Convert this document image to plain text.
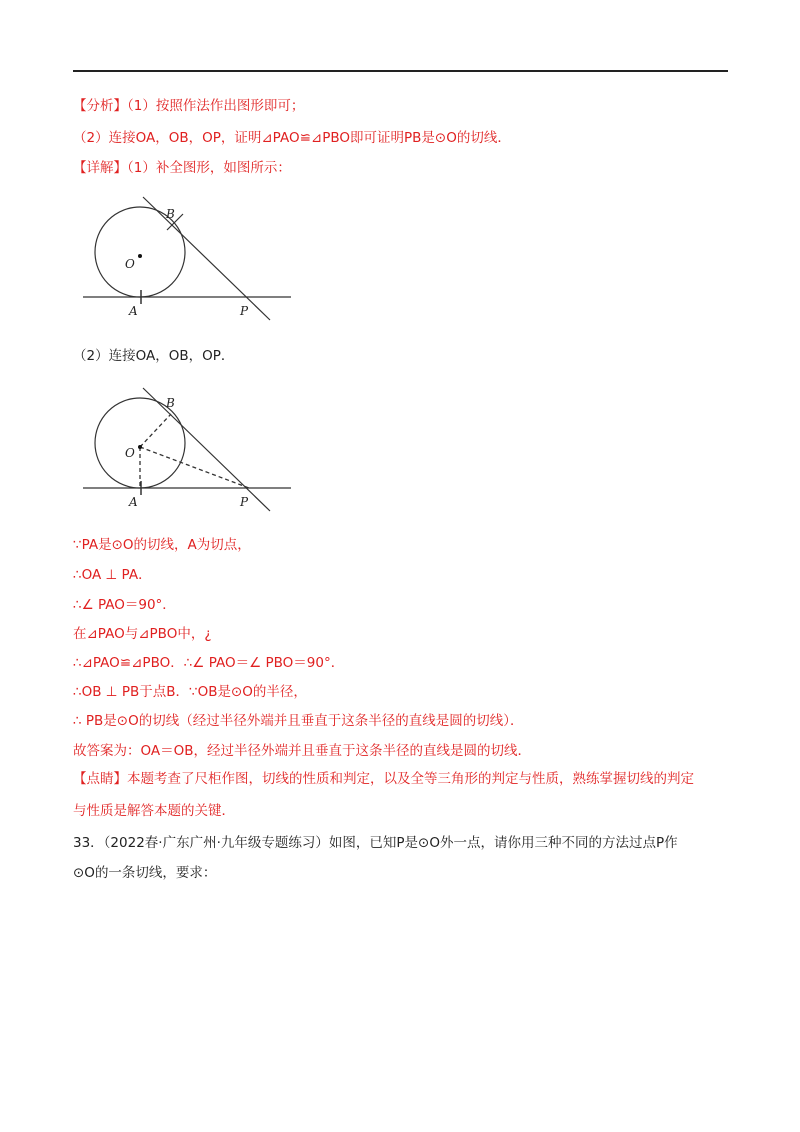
【分析】（1）按照作法作出图形即可；
（2）连接OA，OB，OP，证明⊿PAO≌⊿PBO即可证明PB是⊙O的切线．
【详解】（1）补全图形，如图所示：
O
A
B
P
（2）连接OA，OB，OP．
O
A
B
P
∵PA是⊙O的切线，A为切点，
∴OA ⊥ PA．
∴∠ PAO＝90°．
在⊿PAO与⊿PBO中，¿
∴⊿PAO≌⊿PBO．∴∠ PAO＝∠ PBO＝90°．
∴OB ⊥ PB于点B．∵OB是⊙O的半径，
∴ PB是⊙O的切线（经过半径外端并且垂直于这条半径的直线是圆的切线）．
故答案为：OA＝OB，经过半径外端并且垂直于这条半径的直线是圆的切线．
【点睛】本题考查了尺柜作图，切线的性质和判定，以及全等三角形的判定与性质，熟练掌握切线的判定
与性质是解答本题的关键．
33．（2022春·广东广州·九年级专题练习）如图，已知P是⊙O外一点，请你用三种不同的方法过点P作
⊙O的一条切线，要求：
